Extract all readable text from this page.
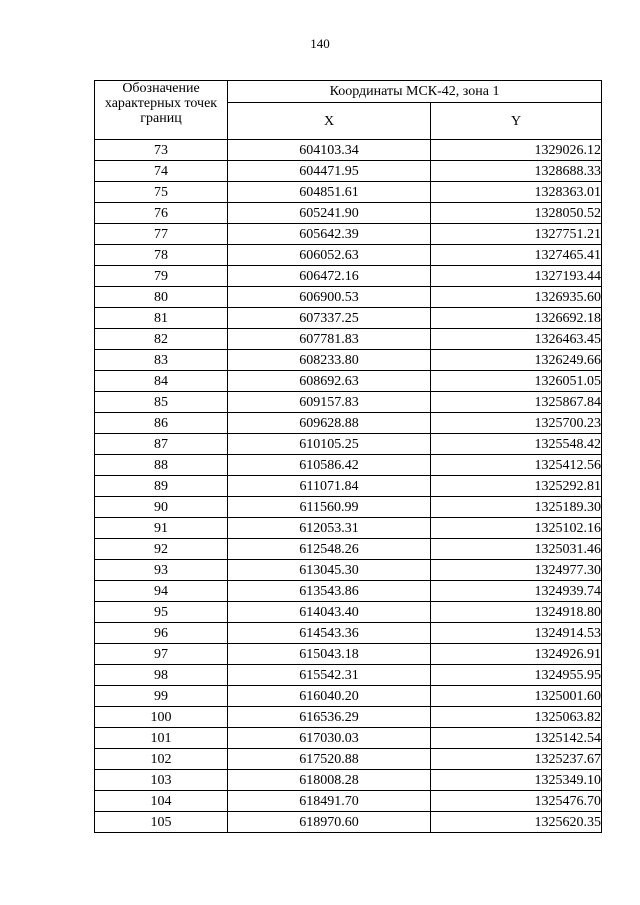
140
Обозначение характерных точек границ	Координаты МСК-42, зона 1	
	X	Y
73	604103.34	1329026.12
74	604471.95	1328688.33
75	604851.61	1328363.01
76	605241.90	1328050.52
77	605642.39	1327751.21
78	606052.63	1327465.41
79	606472.16	1327193.44
80	606900.53	1326935.60
81	607337.25	1326692.18
82	607781.83	1326463.45
83	608233.80	1326249.66
84	608692.63	1326051.05
85	609157.83	1325867.84
86	609628.88	1325700.23
87	610105.25	1325548.42
88	610586.42	1325412.56
89	611071.84	1325292.81
90	611560.99	1325189.30
91	612053.31	1325102.16
92	612548.26	1325031.46
93	613045.30	1324977.30
94	613543.86	1324939.74
95	614043.40	1324918.80
96	614543.36	1324914.53
97	615043.18	1324926.91
98	615542.31	1324955.95
99	616040.20	1325001.60
100	616536.29	1325063.82
101	617030.03	1325142.54
102	617520.88	1325237.67
103	618008.28	1325349.10
104	618491.70	1325476.70
105	618970.60	1325620.35
